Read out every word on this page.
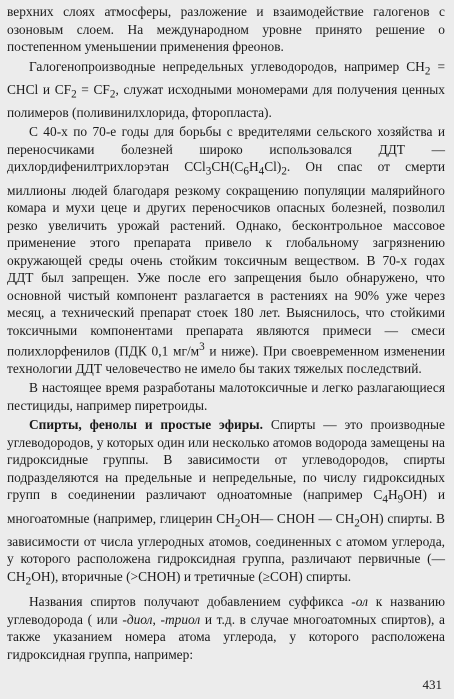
верхних слоях атмосферы, разложение и взаимодействие галогенов с озоновым слоем. На международном уровне принято решение о постепенном уменьшении применения фреонов.

Галогенопроизводные непредельных углеводородов, например $CH_2$ = CHCl и $CF_2 = CF_2$, служат исходными мономерами для получения ценных полимеров (поливинилхлорида, фторопласта).

С 40-х по 70-е годы для борьбы с вредителями сельского хозяйства и переносчиками болезней широко использовался ДДТ — дихлордифенилтрихлорэтан $CCl_3CH(C_6H_4Cl)_2$. Он спас от смерти миллионы людей благодаря резкому сокращению популяции малярийного комара и мухи цеце и других переносчиков опасных болезней, позволил резко увеличить урожай растений. Однако, бесконтрольное массовое применение этого препарата привело к глобальному загрязнению окружающей среды очень стойким токсичным веществом. В 70-х годах ДДТ был запрещен. Уже после его запрещения было обнаружено, что основной чистый компонент разлагается в растениях на 90% уже через месяц, а технический препарат стоек 180 лет. Выяснилось, что стойкими токсичными компонентами препарата являются примеси — смеси полихлорфенилов (ПДК 0,1 $мг/м^3$ и ниже). При своевременном изменении технологии ДДТ человечество не имело бы таких тяжелых последствий.

В настоящее время разработаны малотоксичные и легко разлагающиеся пестициды, например пиретроиды.

Спирты, фенолы и простые эфиры. Спирты — это производные углеводородов, у которых один или несколько атомов водорода замещены на гидроксидные группы. В зависимости от углеводородов, спирты подразделяются на предельные и непредельные, по числу гидроксидных групп в соединении различают одноатомные (например $C_4H_9OH$) и многоатомные (например, глицерин $CH_2OH—$ CHOH — $CH_2OH$) спирты. В зависимости от числа углеродных атомов, соединенных с атомом углерода, у которого расположена гидроксидная группа, различают первичные (— $CH_2OH$), вторичные (>CHOH) и третичные (≥COH) спирты.

Названия спиртов получают добавлением суффикса -ол к названию углеводорода ( или -диол, -триол и т.д. в случае многоатомных спиртов), а также указанием номера атома углерода, у которого расположена гидроксидная группа, например:

431
